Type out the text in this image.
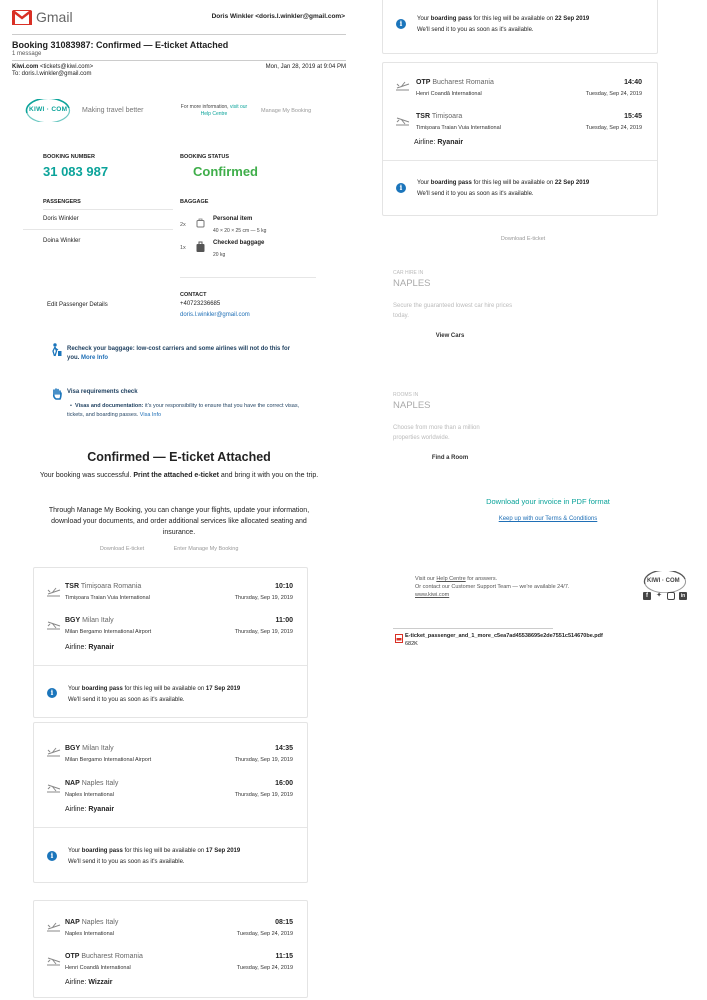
Gmail	Doris Winkler <doris.l.winkler@gmail.com>
Booking 31083987: Confirmed — E-ticket Attached
1 message
Kiwi.com <tickets@kiwi.com>
To: doris.l.winkler@gmail.com
Mon, Jan 28, 2019 at 9:04 PM
KIWI · COM Making travel better	For more information, visit our
Help Centre	Manage My Booking
BOOKING NUMBER
31 083 987
BOOKING STATUS
Confirmed
PASSENGERS	BAGGAGE
Doris Winkler
Doina Winkler
2x
Personal item
40 × 20 × 25 cm — 5 kg
1x
Checked baggage
20 kg
CONTACT
Edit Passenger Details	+40723236685
doris.l.winkler@gmail.com
Recheck your baggage: low-cost carriers and some airlines will not do this for you. More Info
Visa requirements check
•  Visas and documentation: it's your responsibility to ensure that you have the correct visas, tickets, and boarding passes. Visa Info
Confirmed — E-ticket Attached
Your booking was successful. Print the attached e-ticket and bring it with you on the trip.
Through Manage My Booking, you can change your flights, update your information, download your documents, and order additional services like allocated seating and insurance.
Download E-ticket	Enter Manage My Booking
TSR Timișoara Romania
Timișoara Traian Vuia International
10:10
Thursday, Sep 19, 2019
BGY Milan Italy
Milan Bergamo International Airport
11:00
Thursday, Sep 19, 2019
Airline: Ryanair
i	Your boarding pass for this leg will be available on 17 Sep 2019
We'll send it to you as soon as it's available.
BGY Milan Italy
Milan Bergamo International Airport
14:35
Thursday, Sep 19, 2019
NAP Naples Italy
Naples International
16:00
Thursday, Sep 19, 2019
Airline: Ryanair
i	Your boarding pass for this leg will be available on 17 Sep 2019
We'll send it to you as soon as it's available.
NAP Naples Italy
Naples International
08:15
Tuesday, Sep 24, 2019
OTP Bucharest Romania
Henri Coandă International
11:15
Tuesday, Sep 24, 2019
Airline: Wizzair
i	Your boarding pass for this leg will be available on 22 Sep 2019
We'll send it to you as soon as it's available.
OTP Bucharest Romania
Henri Coandă International
14:40
Tuesday, Sep 24, 2019
TSR Timișoara
Timișoara Traian Vuia International
15:45
Tuesday, Sep 24, 2019
Airline: Ryanair
i	Your boarding pass for this leg will be available on 22 Sep 2019
We'll send it to you as soon as it's available.
Download E-ticket
CAR HIRE IN
NAPLES
Secure the guaranteed lowest car hire prices today.
View Cars
ROOMS IN
NAPLES
Choose from more than a million properties worldwide.
Find a Room
Download your invoice in PDF format
Keep up with our Terms & Conditions
Visit our Help Centre for answers.
Or contact our Customer Support Team — we're available 24/7.
www.kiwi.com
KIWI · COM
f	✦	in
E-ticket_passenger_and_1_more_c5ea7ad45538695e2de7551c514670be.pdf
682K
